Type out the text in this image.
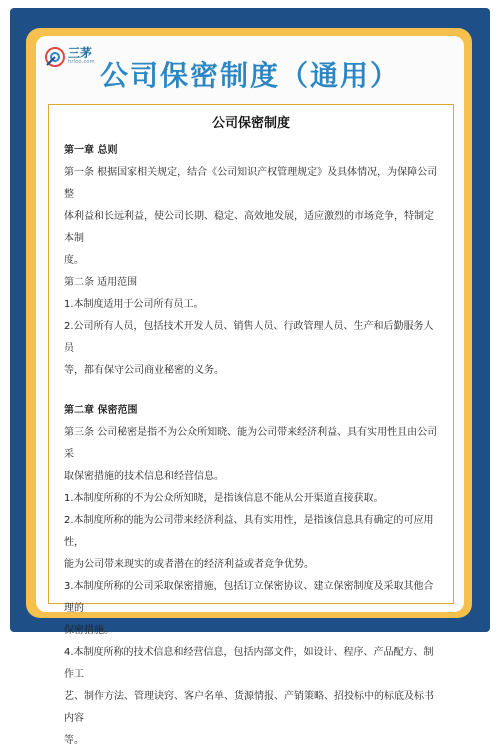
三茅
hrloo.com 公司保密制度（通用）
公司保密制度

第一章 总则

第一条 根据国家相关规定，结合《公司知识产权管理规定》及具体情况，为保障公司整

体利益和长远利益，使公司长期、稳定、高效地发展，适应激烈的市场竞争，特制定本制

度。

第二条 适用范围

1.本制度适用于公司所有员工。

2.公司所有人员，包括技术开发人员、销售人员、行政管理人员、生产和后勤服务人员

等，都有保守公司商业秘密的义务。

第二章 保密范围

第三条 公司秘密是指不为公众所知晓、能为公司带来经济利益、具有实用性且由公司采

取保密措施的技术信息和经营信息。

1.本制度所称的不为公众所知晓，是指该信息不能从公开渠道直接获取。

2.本制度所称的能为公司带来经济利益、具有实用性，是指该信息具有确定的可应用性，

能为公司带来现实的或者潜在的经济利益或者竞争优势。

3.本制度所称的公司采取保密措施，包括订立保密协议、建立保密制度及采取其他合理的

保密措施。

4.本制度所称的技术信息和经营信息，包括内部文件，如设计、程序、产品配方、制作工

艺、制作方法、管理诀窍、客户名单、货源情报、产销策略、招投标中的标底及标书内容

等。
